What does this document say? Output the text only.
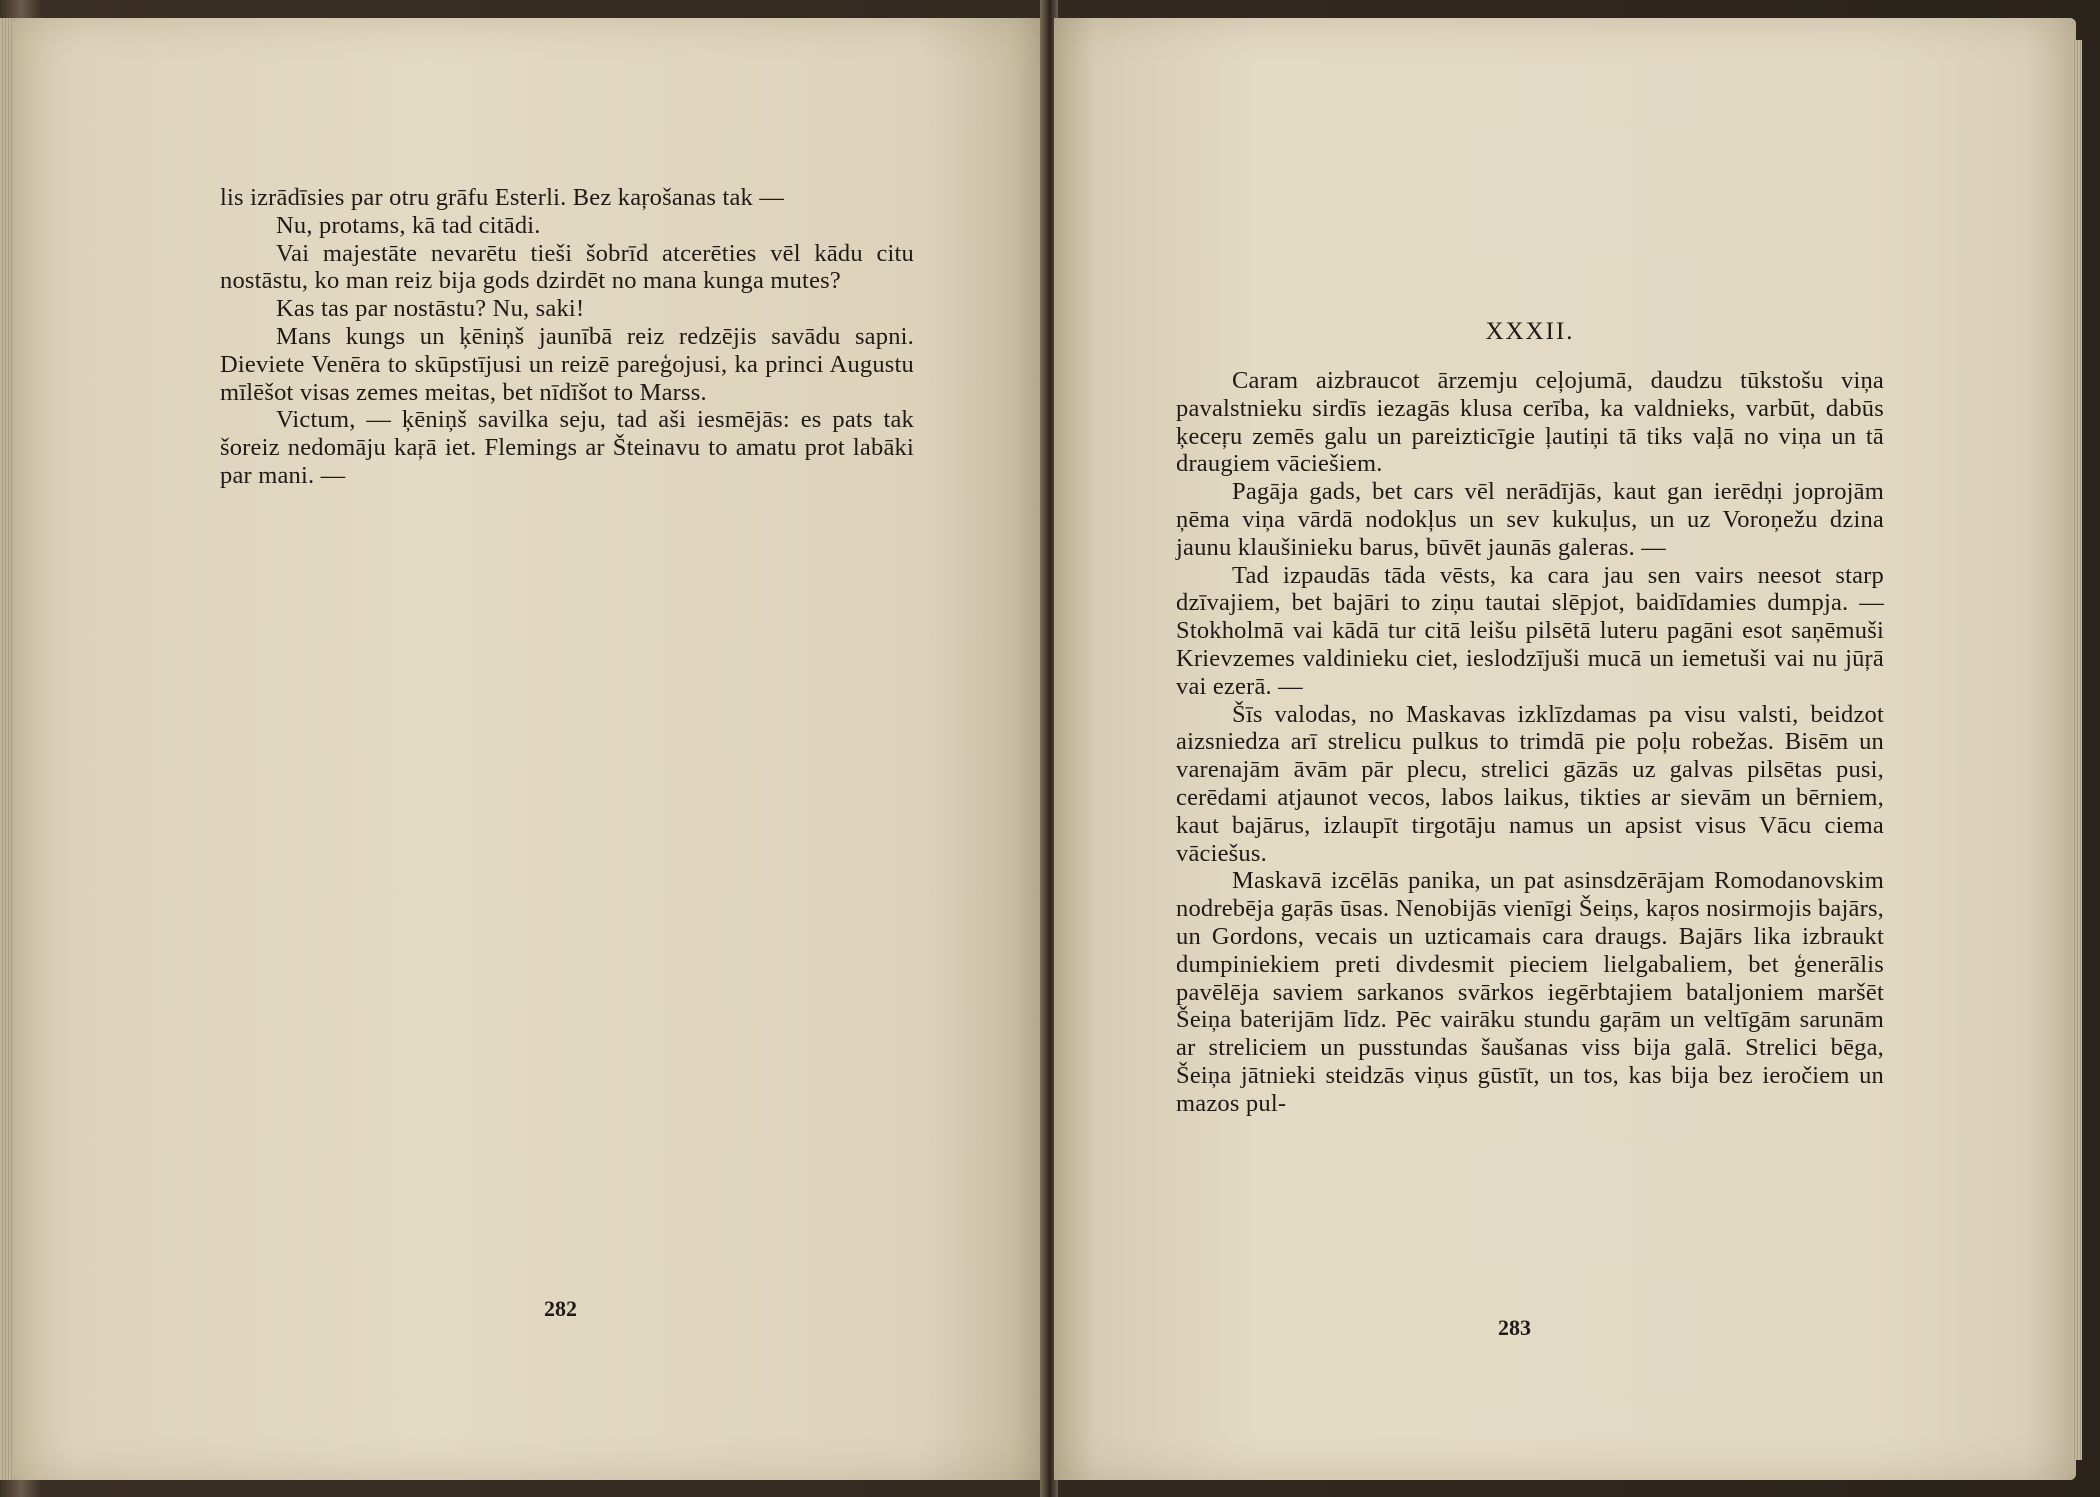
lis izrādīsies par otru grāfu Esterli. Bez kaŗošanas tak —

Nu, protams, kā tad citādi.

Vai majestāte nevarētu tieši šobrīd atcerēties vēl kādu citu nostāstu, ko man reiz bija gods dzirdēt no mana kunga mutes?

Kas tas par nostāstu? Nu, saki!

Mans kungs un ķēniņš jaunībā reiz redzējis savādu sapni. Dieviete Venēra to skūpstījusi un reizē pareģojusi, ka princi Augustu mīlēšot visas zemes meitas, bet nīdīšot to Marss.

Victum, — ķēniņš savilka seju, tad aši iesmējās: es pats tak šoreiz nedomāju kaŗā iet. Flemings ar Šteinavu to amatu prot labāki par mani. —

282
XXXII.

Caram aizbraucot ārzemju ceļojumā, daudzu tūkstošu viņa pavalstnieku sirdīs iezagās klusa cerība, ka valdnieks, varbūt, dabūs ķeceŗu zemēs galu un pareizticīgie ļautiņi tā tiks vaļā no viņa un tā draugiem vāciešiem.

Pagāja gads, bet cars vēl nerādījās, kaut gan ierēdņi joprojām ņēma viņa vārdā nodokļus un sev kukuļus, un uz Voroņežu dzina jaunu klaušinieku barus, būvēt jaunās galeras. —

Tad izpaudās tāda vēsts, ka cara jau sen vairs neesot starp dzīvajiem, bet bajāri to ziņu tautai slēpjot, baidīdamies dumpja. — Stokholmā vai kādā tur citā leišu pilsētā luteru pagāni esot saņēmuši Krievzemes valdinieku ciet, ieslodzījuši mucā un iemetuši vai nu jūŗā vai ezerā. —

Šīs valodas, no Maskavas izklīzdamas pa visu valsti, beidzot aizsniedza arī strelicu pulkus to trimdā pie poļu robežas. Bisēm un varenajām āvām pār plecu, strelici gāzās uz galvas pilsētas pusi, cerēdami atjaunot vecos, labos laikus, tikties ar sievām un bērniem, kaut bajārus, izlaupīt tirgotāju namus un apsist visus Vācu ciema vāciešus.

Maskavā izcēlās panika, un pat asinsdzērājam Romodanovskim nodrebēja gaŗās ūsas. Nenobijās vienīgi Šeiņs, kaŗos nosirmojis bajārs, un Gordons, vecais un uzticamais cara draugs. Bajārs lika izbraukt dumpiniekiem preti divdesmit pieciem lielgabaliem, bet ģenerālis pavēlēja saviem sarkanos svārkos iegērbtajiem bataljoniem maršēt Šeiņa baterijām līdz. Pēc vairāku stundu gaŗām un veltīgām sarunām ar streliciem un pusstundas šaušanas viss bija galā. Strelici bēga, Šeiņa jātnieki steidzās viņus gūstīt, un tos, kas bija bez ieročiem un mazos pul-

283
